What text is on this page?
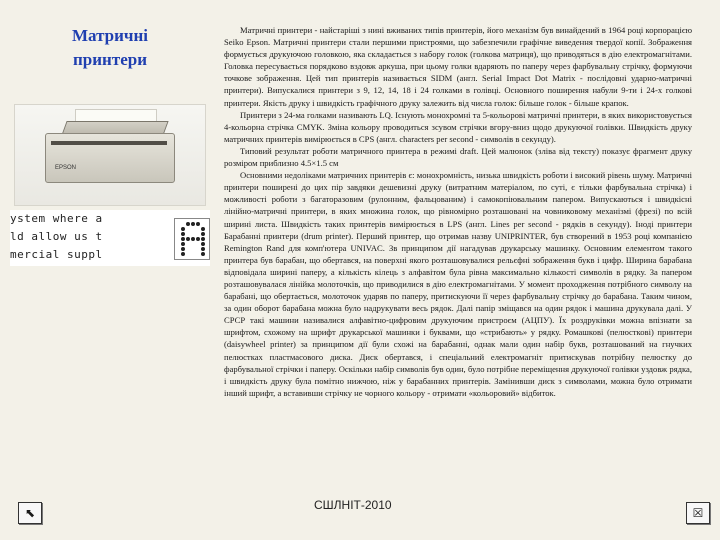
Матричні
принтери
EPSON
ystem where a
ld allow us t
mercial suppl

Матричні принтери - найстаріші з нині вживаних типів принтерів, його механізм був винайдений в 1964 році корпорацією Seiko Epson. Матричні принтери стали першими пристроями, що забезпечили графічне виведення твердої копії. Зображення формується друкуючою головкою, яка складається з набору голок (голкова матриця), що приводяться в дію електромагнітами. Головка пересувається порядково вздовж аркуша, при цьому голки вдаряють по паперу через фарбувальну стрічку, формуючи точкове зображення. Цей тип принтерів називається SIDM (англ. Serial Impact Dot Matrix - послідовні ударно-матричні принтери). Випускалися принтери з 9, 12, 14, 18 і 24 голками в голівці. Основного поширення набули 9-ти і 24-х голкові принтери. Якість друку і швидкість графічного друку залежить від числа голок: більше голок - більше крапок.

Принтери з 24-ма голками називають LQ. Існують монохромні та 5-кольорові матричні принтери, в яких використовується 4-кольорна стрічка CMYK. Зміна кольору проводиться зсувом стрічки вгору-вниз щодо друкуючої голівки. Швидкість друку матричних принтерів вимірюється в CPS (англ. characters per second - символів в секунду).

Типовий результат роботи матричного принтера в режимі draft. Цей малюнок (зліва від тексту) показує фрагмент друку розміром приблизно 4.5×1.5 см

Основними недоліками матричних принтерів є: монохромність, низька швидкість роботи і високий рівень шуму. Матричні принтери поширені до цих пір завдяки дешевизні друку (витратним матеріалом, по суті, є тільки фарбувальна стрічка) і можливості роботи з багаторазовим (рулонним, фальцованим) і самокопіювальним папером. Випускаються і швидкісні лінійно-матричні принтери, в яких множина голок, що рівномірно розташовані на човниковому механізмі (фрезі) по всій ширині листа. Швидкість таких принтерів вимірюється в LPS (англ. Lines per second - рядків в секунду). Іноді принтери Барабанні принтери (drum printer). Перший принтер, що отримав назву UNIPRINTER, був створений в 1953 році компанією Remington Rand для комп'ютера UNIVAC. Зв принципом дії нагадував друкарську машинку. Основним елементом такого принтера був барабан, що обертався, на поверхні якого розташовувалися рельєфні зображення букв і цифр. Ширина барабана відповідала ширині паперу, а кількість кілець з алфавітом була рівна максимально кількості символів в рядку. За папером розташовувалася лінійка молоточків, що приводилися в дію електромагнітами. У момент проходження потрібного символу на барабані, що обертається, молоточок ударяв по паперу, притискуючи її через фарбувальну стрічку до барабана. Таким чином, за один оборот барабана можна було надрукувати весь рядок. Далі папір зміщався на один рядок і машина друкувала далі. У СРСР такі машини називалися алфавітно-цифровим друкуючим пристроєм (АЦПУ). Їх роздруківки можна впізнати за шрифтом, схожому на шрифт друкарської машинки і буквами, що «стрибають» у рядку. Ромашкові (пелюсткові) принтери (daisywheel printer) за принципом дії були схожі на барабанні, однак мали один набір букв, розташований на гнучких пелюстках пластмасового диска. Диск обертався, і спеціальний електромагніт притискував потрібну пелюстку до фарбувальної стрічки і паперу. Оскільки набір символів був один, було потрібне переміщення друкуючої голівки уздовж рядка, і швидкість друку була помітно нижчою, ніж у барабанних принтерів. Замінивши диск з символами, можна було отримати інший шрифт, а вставивши стрічку не чорного кольору - отримати «кольоровий» відбиток.

СШЛНІТ-2010
⬉	☒
